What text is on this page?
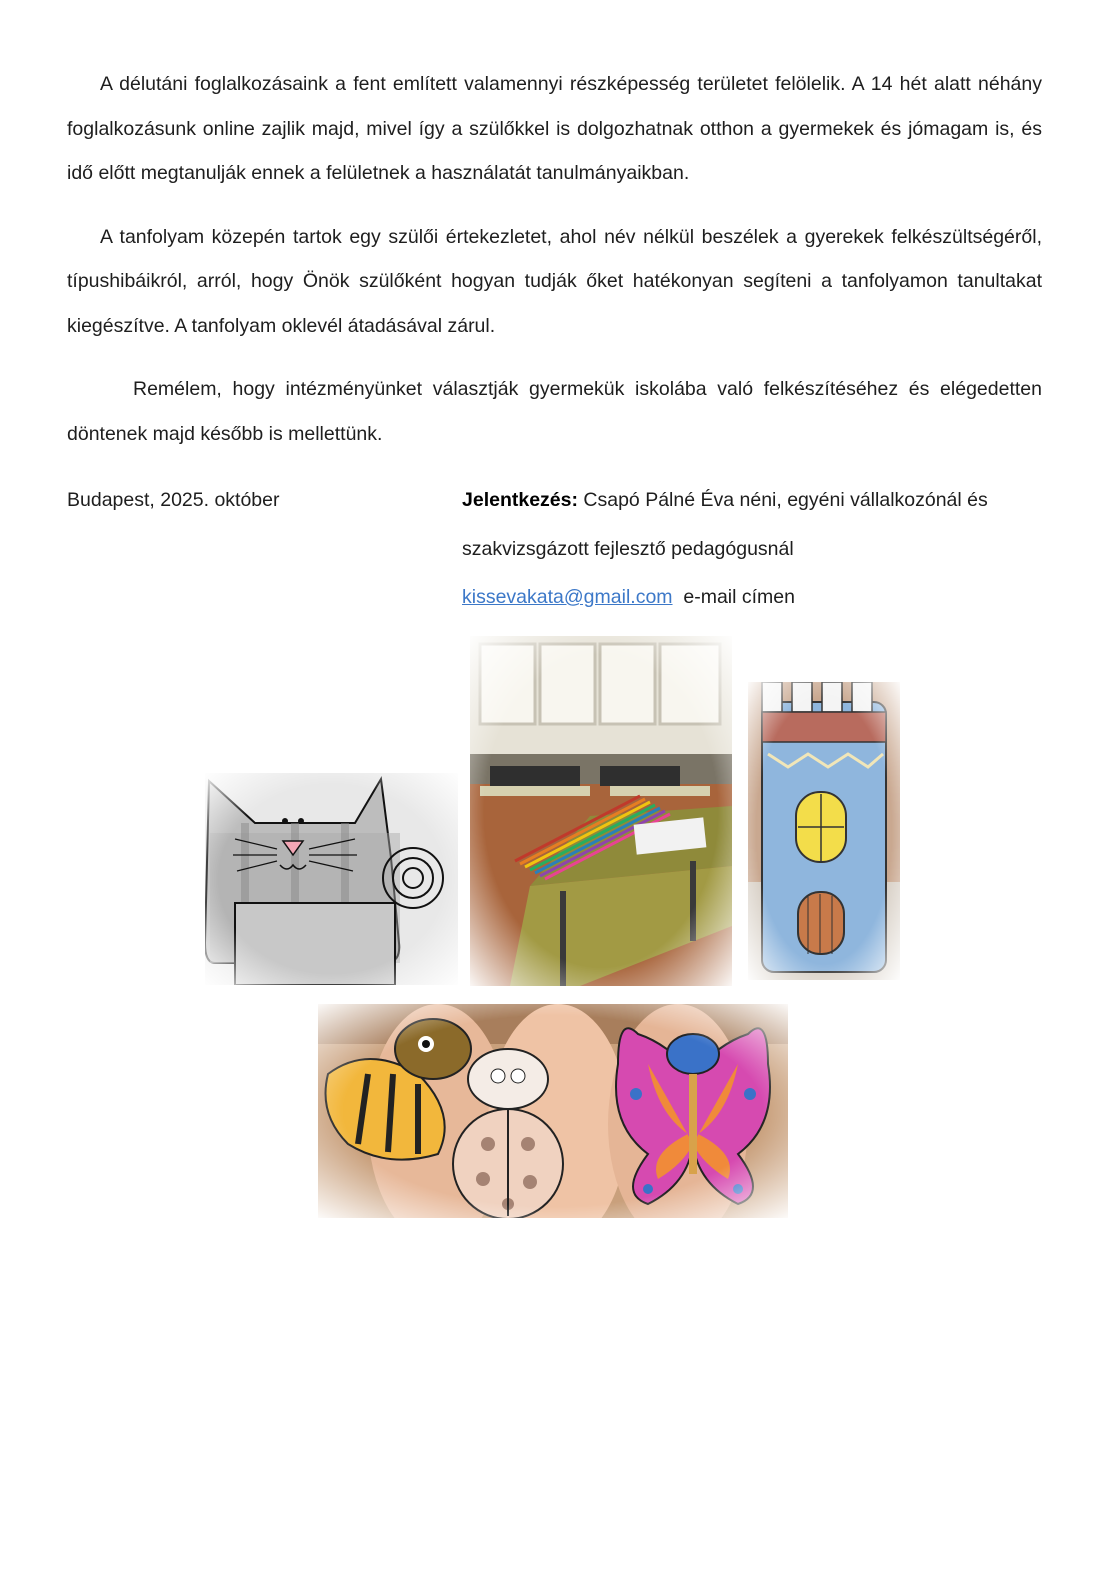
A délutáni foglalkozásaink a fent említett valamennyi részképesség területet felölelik. A 14 hét alatt néhány foglalkozásunk online zajlik majd, mivel így a szülőkkel is dolgozhatnak otthon a gyermekek és jómagam is, és idő előtt megtanulják ennek a felületnek a használatát tanulmányaikban.

A tanfolyam közepén tartok egy szülői értekezletet, ahol név nélkül beszélek a gyerekek felkészültségéről, típushibáikról, arról, hogy Önök szülőként hogyan tudják őket hatékonyan segíteni a tanfolyamon tanultakat kiegészítve. A tanfolyam oklevél átadásával zárul.

Remélem, hogy intézményünket választják gyermekük iskolába való felkészítéséhez és elégedetten döntenek majd később is mellettünk.

Budapest, 2025. október	Jelentkezés: Csapó Pálné Éva néni, egyéni vállalkozónál és
szakvizsgázott fejlesztő pedagógusnál
kissevakata@gmail.com e-mail címen
